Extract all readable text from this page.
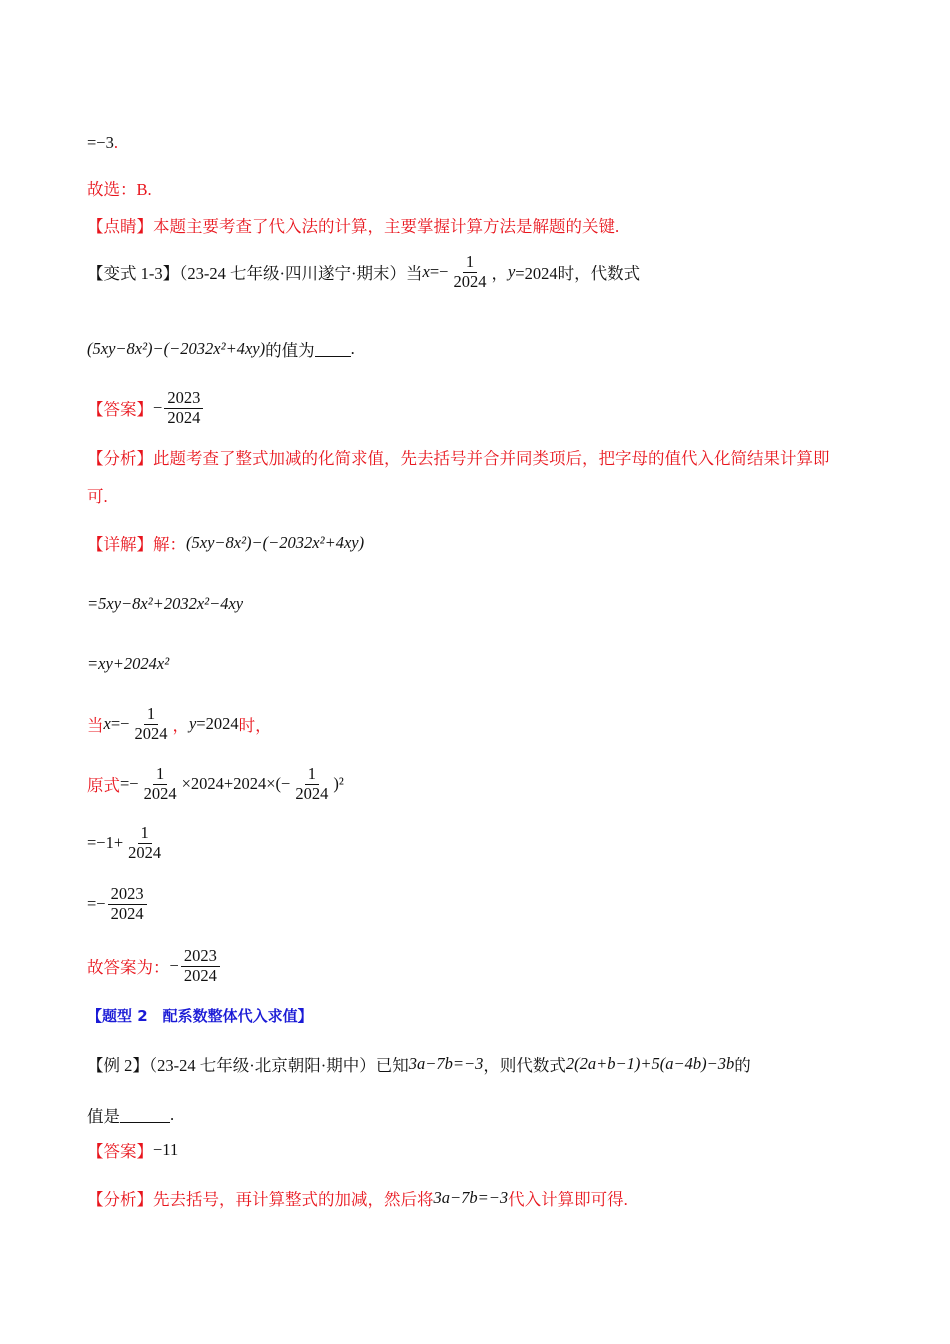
=−3 .
故选：B.
【点睛】本题主要考查了代入法的计算，主要掌握计算方法是解题的关键.
【变式 1-3】（23-24 七年级·四川遂宁·期末）当 $x =- \frac{1}{2024}$ ， y =2024时，代数式
(5xy−8x²)−(−2032x²+4xy) 的值为 .
【答案】 − $\frac{2023}{2024}$
【分析】此题考查了整式加减的化简求值，先去括号并合并同类项后，把字母的值代入化简结果计算即
可.
【详解】解： (5xy−8x²)−(−2032x²+4xy)
=5xy−8x²+2032x²−4xy
=xy+2024x²
当 $x =- \frac{1}{2024}$ ， y =2024 时，
原式 =− $\frac{1}{2024} \times 2024+2024\times(- \frac{1}{2024} )^2$
$=-1+ \frac{1}{2024}$
=− $\frac{2023}{2024}$
故答案为： − $\frac{2023}{2024}$
【题型 2　配系数整体代入求值】
【例 2】（23-24 七年级·北京朝阳·期中）已知 3a−7b=−3 ，则代数式 2(2a+b−1)+5(a−4b)−3b 的
值是	.
【答案】 −11
【分析】先去括号，再计算整式的加减，然后将 3a−7b=−3 代入计算即可得.
